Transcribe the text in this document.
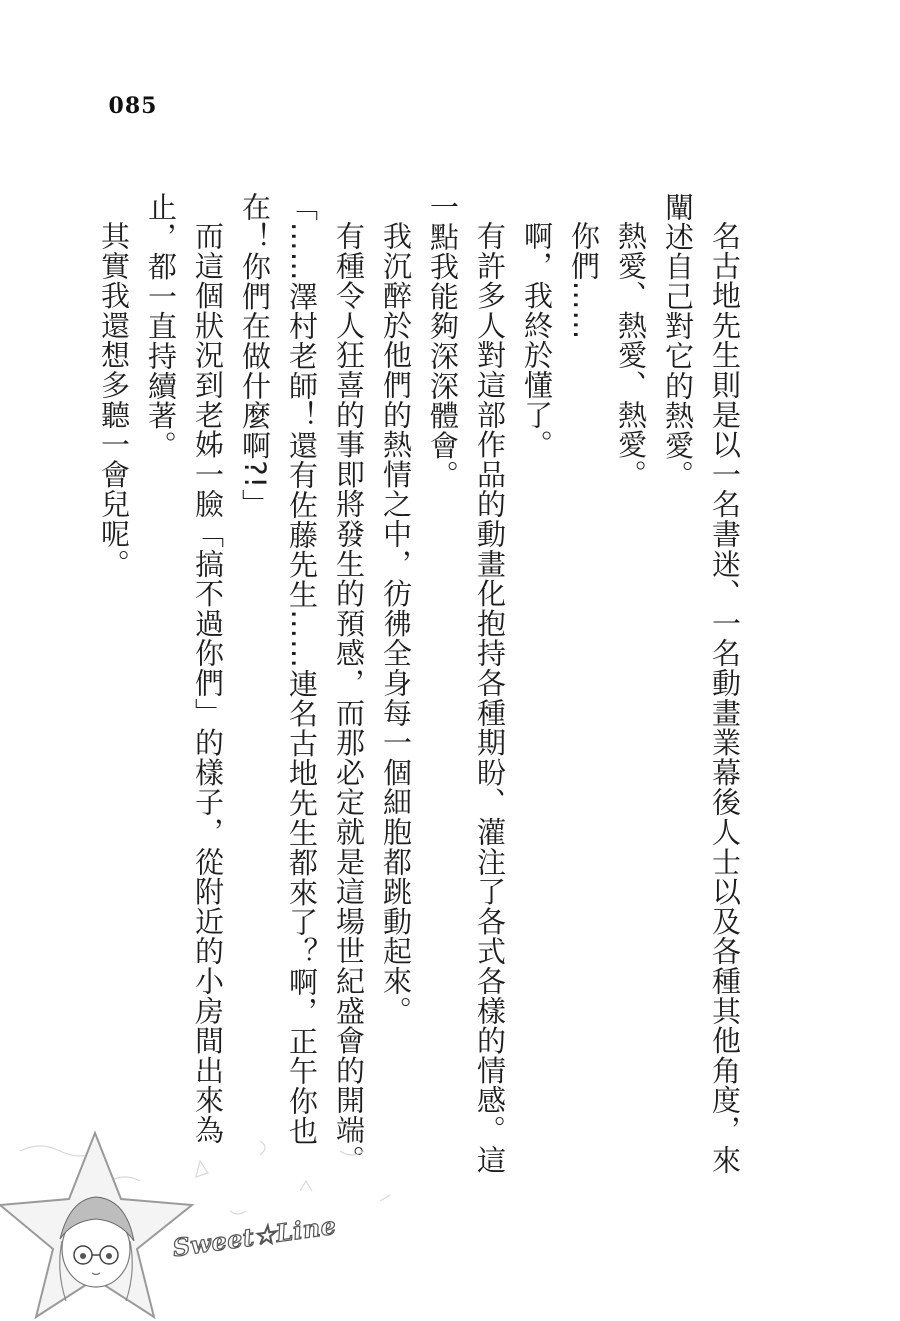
085

名古地先生則是以一名書迷、一名動畫業幕後人士以及各種其他角度，來闡述自己對它的熱愛。

熱愛、熱愛、熱愛。

你們……

啊，我終於懂了。

有許多人對這部作品的動畫化抱持各種期盼、灌注了各式各樣的情感。這一點我能夠深深體會。

我沉醉於他們的熱情之中，彷彿全身每一個細胞都跳動起來。

有種令人狂喜的事即將發生的預感，而那必定就是這場世紀盛會的開端。

「……澤村老師！還有佐藤先生……連名古地先生都來了？啊，正午你也在！你們在做什麼啊?!」

而這個狀況到老姊一臉「搞不過你們」的樣子，從附近的小房間出來為止，都一直持續著。

其實我還想多聽一會兒呢。

Sweet★Line
